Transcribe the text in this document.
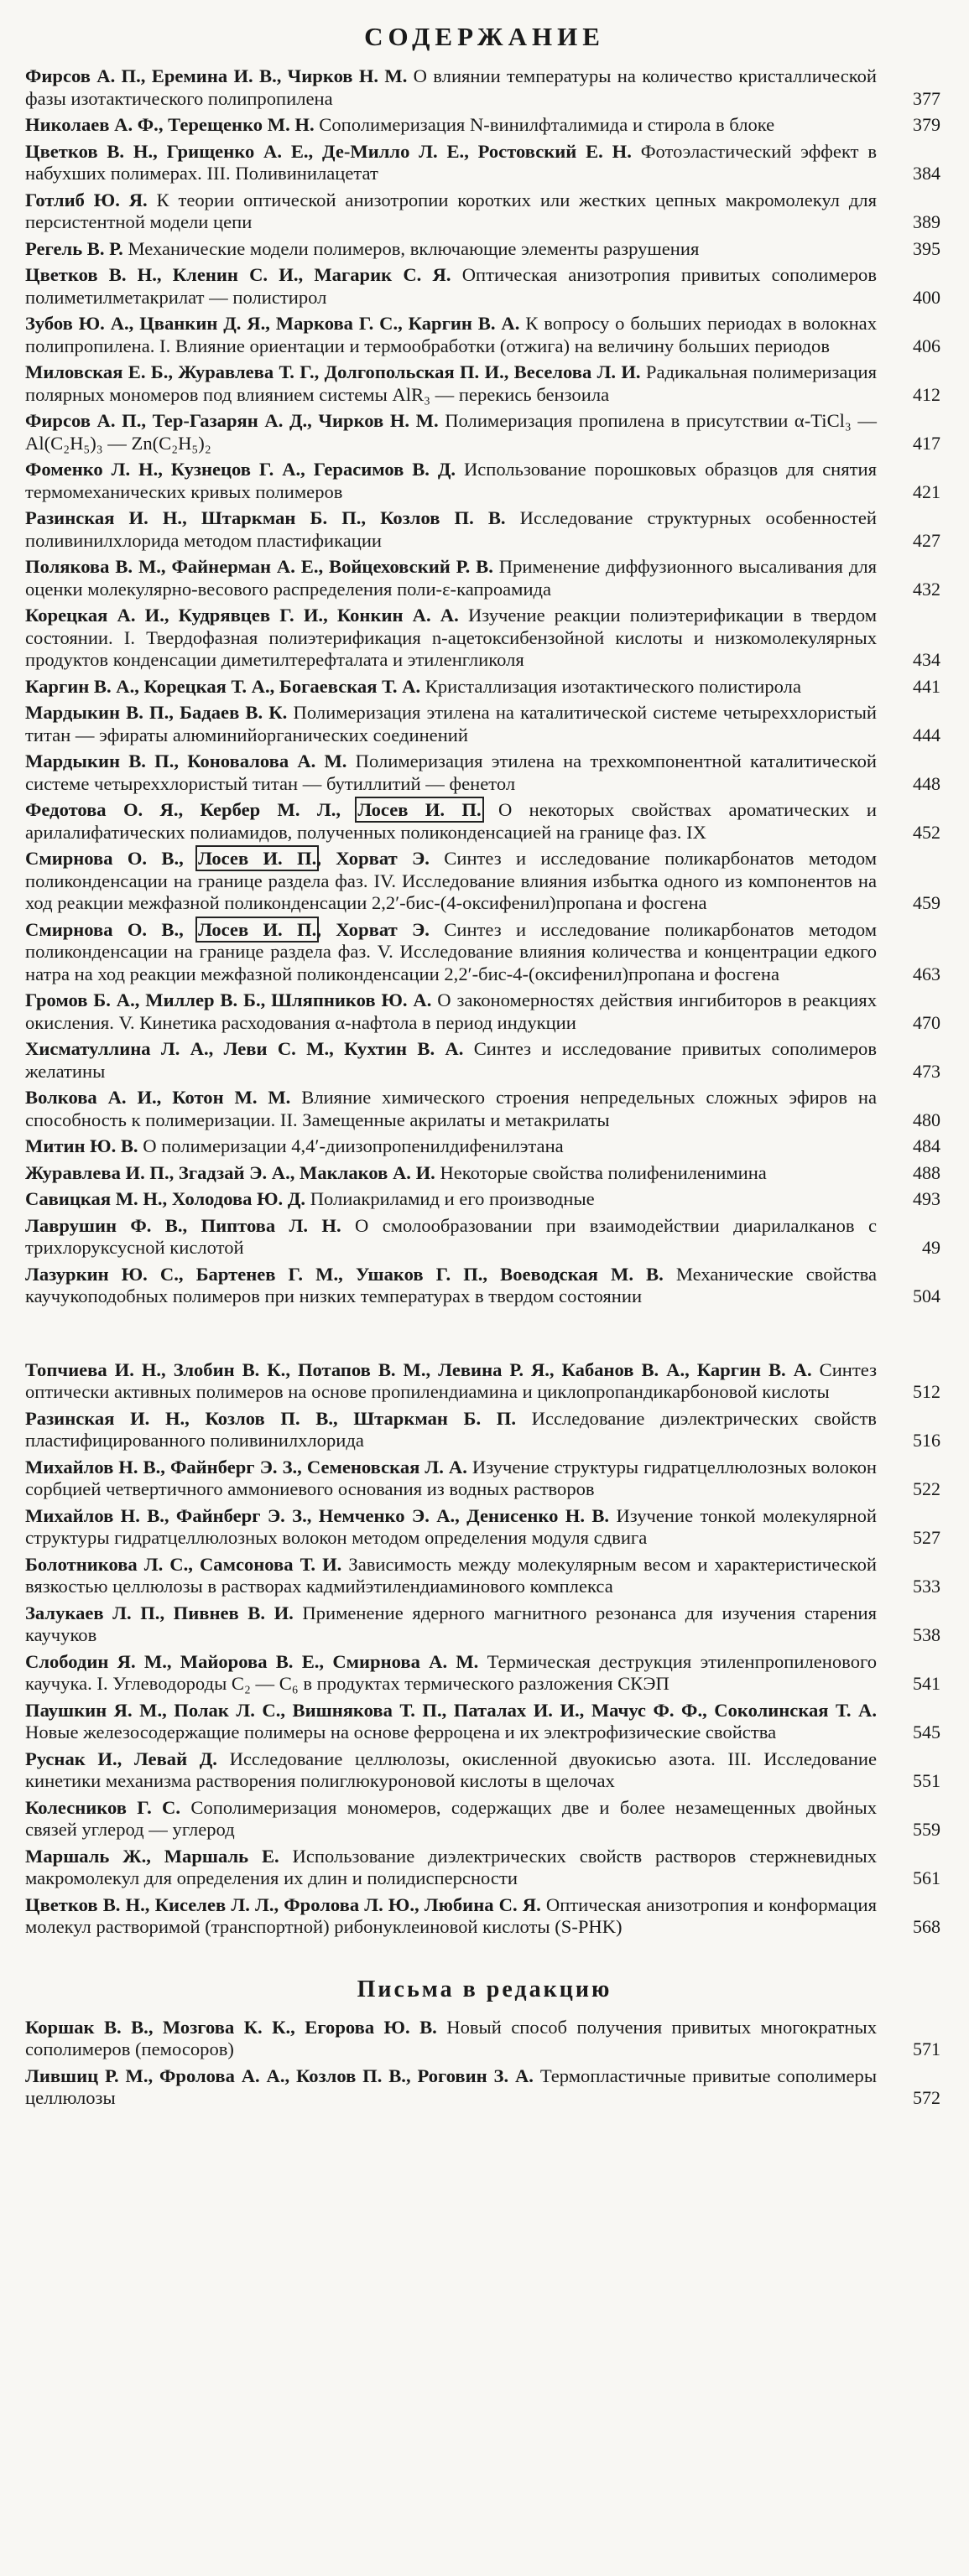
СОДЕРЖАНИЕ
Фирсов А. П., Еремина И. В., Чирков Н. М. О влиянии температуры на количество кристаллической фазы изотактического полипропилена	377
Николаев А. Ф., Терещенко М. Н. Сополимеризация N-винилфталимида и стирола в блоке	379
Цветков В. Н., Грищенко А. Е., Де-Милло Л. Е., Ростовский Е. Н. Фотоэластический эффект в набухших полимерах. III. Поливинилацетат	384
Готлиб Ю. Я. К теории оптической анизотропии коротких или жестких цепных макромолекул для персистентной модели цепи	389
Регель В. Р. Механические модели полимеров, включающие элементы разрушения	395
Цветков В. Н., Кленин С. И., Магарик С. Я. Оптическая анизотропия привитых сополимеров полиметилметакрилат — полистирол	400
Зубов Ю. А., Цванкин Д. Я., Маркова Г. С., Каргин В. А. К вопросу о больших периодах в волокнах полипропилена. I. Влияние ориентации и термообработки (отжига) на величину больших периодов	406
Миловская Е. Б., Журавлева Т. Г., Долгопольская П. И., Веселова Л. И. Радикальная полимеризация полярных мономеров под влиянием системы AlR₃ — перекись бензоила	412
Фирсов А. П., Тер-Газарян А. Д., Чирков Н. М. Полимеризация пропилена в присутствии α-TiCl₃ — Al(C₂H₅)₃ — Zn(C₂H₅)₂	417
Фоменко Л. Н., Кузнецов Г. А., Герасимов В. Д. Использование порошковых образцов для снятия термомеханических кривых полимеров	421
Разинская И. Н., Штаркман Б. П., Козлов П. В. Исследование структурных особенностей поливинилхлорида методом пластификации	427
Полякова В. М., Файнерман А. Е., Войцеховский Р. В. Применение диффузионного высаливания для оценки молекулярно-весового распределения поли-ε-капроамида	432
Корецкая А. И., Кудрявцев Г. И., Конкин А. А. Изучение реакции полиэтерификации в твердом состоянии. I. Твердофазная полиэтерификация n-ацетоксибензойной кислоты и низкомолекулярных продуктов конденсации диметилтерефталата и этиленгликоля	434
Каргин В. А., Корецкая Т. А., Богаевская Т. А. Кристаллизация изотактического полистирола	441
Мардыкин В. П., Бадаев В. К. Полимеризация этилена на каталитической системе четыреххлористый титан — эфираты алюминийорганических соединений	444
Мардыкин В. П., Коновалова А. М. Полимеризация этилена на трехкомпонентной каталитической системе четыреххлористый титан — бутиллитий — фенетол	448
Федотова О. Я., Кербер М. Л., Лосев И. П. О некоторых свойствах ароматических и арилалифатических полиамидов, полученных поликонденсацией на границе фаз. IX	452
Смирнова О. В., Лосев И. П., Хорват Э. Синтез и исследование поликарбонатов методом поликонденсации на границе раздела фаз. IV. Исследование влияния избытка одного из компонентов на ход реакции межфазной поликонденсации 2,2′-бис-(4-оксифенил)пропана и фосгена	459
Смирнова О. В., Лосев И. П., Хорват Э. Синтез и исследование поликарбонатов методом поликонденсации на границе раздела фаз. V. Исследование влияния количества и концентрации едкого натра на ход реакции межфазной поликонденсации 2,2′-бис-4-(оксифенил)пропана и фосгена	463
Громов Б. А., Миллер В. Б., Шляпников Ю. А. О закономерностях действия ингибиторов в реакциях окисления. V. Кинетика расходования α-нафтола в период индукции	470
Хисматуллина Л. А., Леви С. М., Кухтин В. А. Синтез и исследование привитых сополимеров желатины	473
Волкова А. И., Котон М. М. Влияние химического строения непредельных сложных эфиров на способность к полимеризации. II. Замещенные акрилаты и метакрилаты	480
Митин Ю. В. О полимеризации 4,4′-диизопропенилдифенилэтана	484
Журавлева И. П., Згадзай Э. А., Маклаков А. И. Некоторые свойства полифениленимина	488
Савицкая М. Н., Холодова Ю. Д. Полиакриламид и его производные	493
Лаврушин Ф. В., Пиптова Л. Н. О смолообразовании при взаимодействии диарилалканов с трихлоруксусной кислотой	49
Лазуркин Ю. С., Бартенев Г. М., Ушаков Г. П., Воеводская М. В. Механические свойства каучукоподобных полимеров при низких температурах в твердом состоянии	504
Топчиева И. Н., Злобин В. К., Потапов В. М., Левина Р. Я., Кабанов В. А., Каргин В. А. Синтез оптически активных полимеров на основе пропилендиамина и циклопропандикарбоновой кислоты	512
Разинская И. Н., Козлов П. В., Штаркман Б. П. Исследование диэлектрических свойств пластифицированного поливинилхлорида	516
Михайлов Н. В., Файнберг Э. З., Семеновская Л. А. Изучение структуры гидратцеллюлозных волокон сорбцией четвертичного аммониевого основания из водных растворов	522
Михайлов Н. В., Файнберг Э. З., Немченко Э. А., Денисенко Н. В. Изучение тонкой молекулярной структуры гидратцеллюлозных волокон методом определения модуля сдвига	527
Болотникова Л. С., Самсонова Т. И. Зависимость между молекулярным весом и характеристической вязкостью целлюлозы в растворах кадмийэтилендиаминового комплекса	533
Залукаев Л. П., Пивнев В. И. Применение ядерного магнитного резонанса для изучения старения каучуков	538
Слободин Я. М., Майорова В. Е., Смирнова А. М. Термическая деструкция этиленпропиленового каучука. I. Углеводороды C₂ — C₆ в продуктах термического разложения СКЭП	541
Паушкин Я. М., Полак Л. С., Вишнякова Т. П., Паталах И. И., Мачус Ф. Ф., Соколинская Т. А. Новые железосодержащие полимеры на основе ферроцена и их электрофизические свойства	545
Руснак И., Левай Д. Исследование целлюлозы, окисленной двуокисью азота. III. Исследование кинетики механизма растворения полиглюкуроновой кислоты в щелочах	551
Колесников Г. С. Сополимеризация мономеров, содержащих две и более незамещенных двойных связей углерод — углерод	559
Маршаль Ж., Маршаль Е. Использование диэлектрических свойств растворов стержневидных макромолекул для определения их длин и полидисперсности	561
Цветков В. Н., Киселев Л. Л., Фролова Л. Ю., Любина С. Я. Оптическая анизотропия и конформация молекул растворимой (транспортной) рибонуклеиновой кислоты (S-PHK)	568
Письма в редакцию
Коршак В. В., Мозгова К. К., Егорова Ю. В. Новый способ получения привитых многокрaтных сополимеров (пемосоров)	571
Лившиц Р. М., Фролова А. А., Козлов П. В., Роговин З. А. Термопластичные привитые сополимеры целлюлозы	572
